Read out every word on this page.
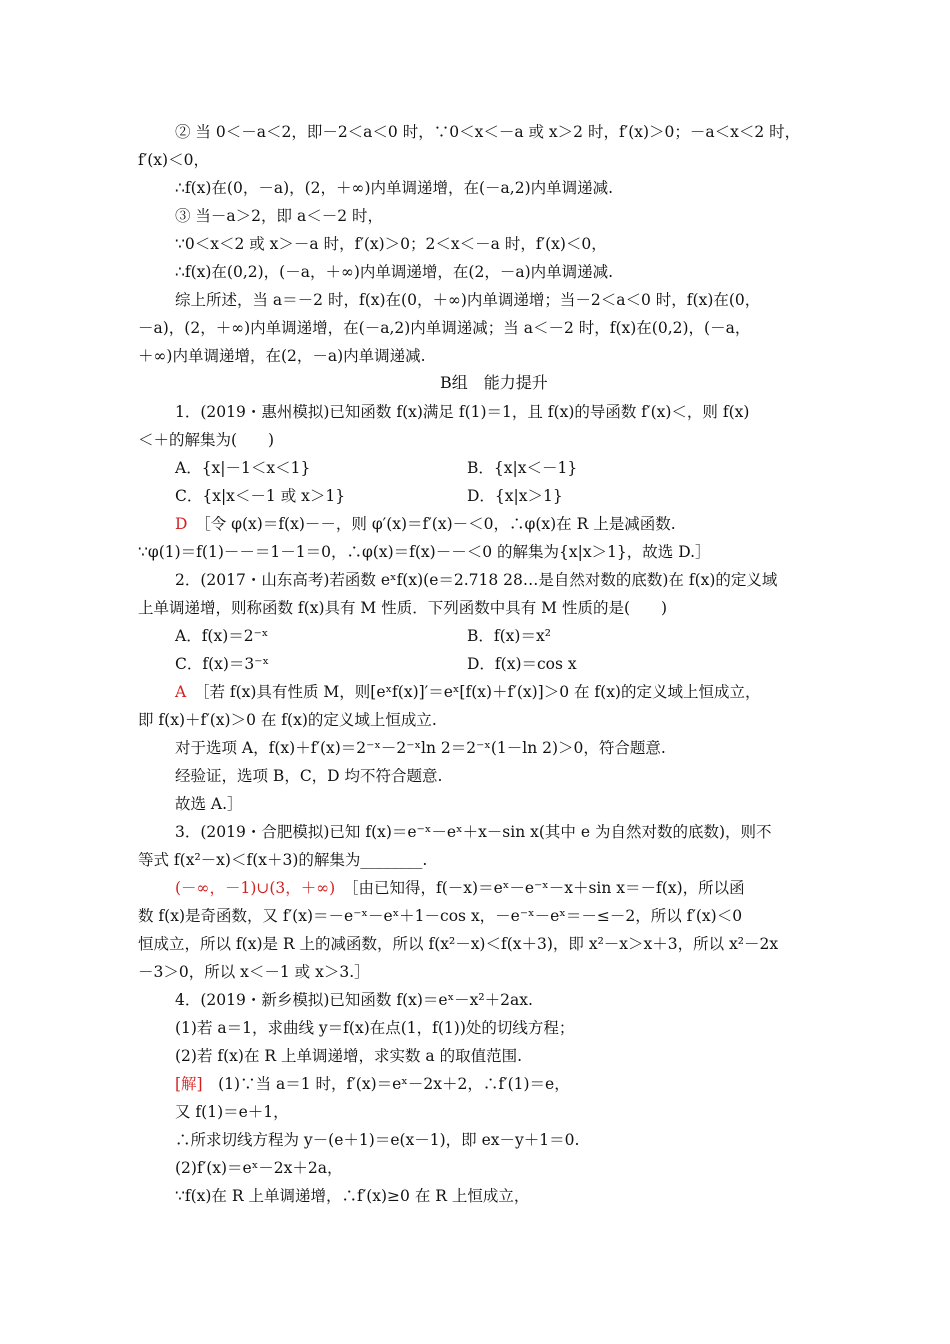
② 当 0＜－a＜2，即－2＜a＜0 时，∵0＜x＜－a 或 x＞2 时，f′(x)＞0；－a＜x＜2 时，
f′(x)＜0，
∴f(x)在(0，－a)，(2，＋∞)内单调递增，在(－a,2)内单调递减.
③ 当－a＞2，即 a＜－2 时，
∵0＜x＜2 或 x＞－a 时，f′(x)＞0；2＜x＜－a 时，f′(x)＜0，
∴f(x)在(0,2)，(－a，＋∞)内单调递增，在(2，－a)内单调递减.
综上所述，当 a＝－2 时，f(x)在(0，＋∞)内单调递增；当－2＜a＜0 时，f(x)在(0，
－a)，(2，＋∞)内单调递增，在(－a,2)内单调递减；当 a＜－2 时，f(x)在(0,2)，(－a，
＋∞)内单调递增，在(2，－a)内单调递减.
B组　能力提升
1．(2019・惠州模拟)已知函数 f(x)满足 f(1)＝1，且 f(x)的导函数 f′(x)＜，则 f(x)
＜＋的解集为(　　)
A．{x|－1＜x＜1}	B．{x|x＜－1}
C．{x|x＜－1 或 x＞1}	D．{x|x＞1}
D　 ［令 φ(x)＝f(x)－－，则 φ′(x)＝f′(x)－＜0，∴φ(x)在 R 上是减函数.
∵φ(1)＝f(1)－－＝1－1＝0，∴φ(x)＝f(x)－－＜0 的解集为{x|x＞1}，故选 D.］
2．(2017・山东高考)若函数 eˣf(x)(e＝2.718 28…是自然对数的底数)在 f(x)的定义域
上单调递增，则称函数 f(x)具有 M 性质．下列函数中具有 M 性质的是(　　)
A．f(x)＝2⁻ˣ	B．f(x)＝x²
C．f(x)＝3⁻ˣ	D．f(x)＝cos x
A　 ［若 f(x)具有性质 M，则[eˣf(x)]′＝eˣ[f(x)＋f′(x)]＞0 在 f(x)的定义域上恒成立，
即 f(x)＋f′(x)＞0 在 f(x)的定义域上恒成立.
对于选项 A，f(x)＋f′(x)＝2⁻ˣ－2⁻ˣln 2＝2⁻ˣ(1－ln 2)＞0，符合题意.
经验证，选项 B，C，D 均不符合题意.
故选 A.］
3．(2019・合肥模拟)已知 f(x)＝e⁻ˣ－eˣ＋x－sin x(其中 e 为自然对数的底数)，则不
等式 f(x²－x)＜f(x＋3)的解集为________.
(－∞，－1)∪(3，＋∞)　 ［由已知得，f(－x)＝eˣ－e⁻ˣ－x＋sin x＝－f(x)，所以函
数 f(x)是奇函数，又 f′(x)＝－e⁻ˣ－eˣ＋1－cos x，－e⁻ˣ－eˣ＝－≤－2，所以 f′(x)＜0
恒成立，所以 f(x)是 R 上的减函数，所以 f(x²－x)＜f(x＋3)，即 x²－x＞x＋3，所以 x²－2x
－3＞0，所以 x＜－1 或 x＞3.］
4．(2019・新乡模拟)已知函数 f(x)＝eˣ－x²＋2ax.
(1)若 a＝1，求曲线 y＝f(x)在点(1，f(1))处的切线方程；
(2)若 f(x)在 R 上单调递增，求实数 a 的取值范围.
[解]　(1)∵当 a＝1 时，f′(x)＝eˣ－2x＋2，∴f′(1)＝e，
又 f(1)＝e＋1，
∴所求切线方程为 y－(e＋1)＝e(x－1)，即 ex－y＋1＝0.
(2)f′(x)＝eˣ－2x＋2a，
∵f(x)在 R 上单调递增，∴f′(x)≥0 在 R 上恒成立，
